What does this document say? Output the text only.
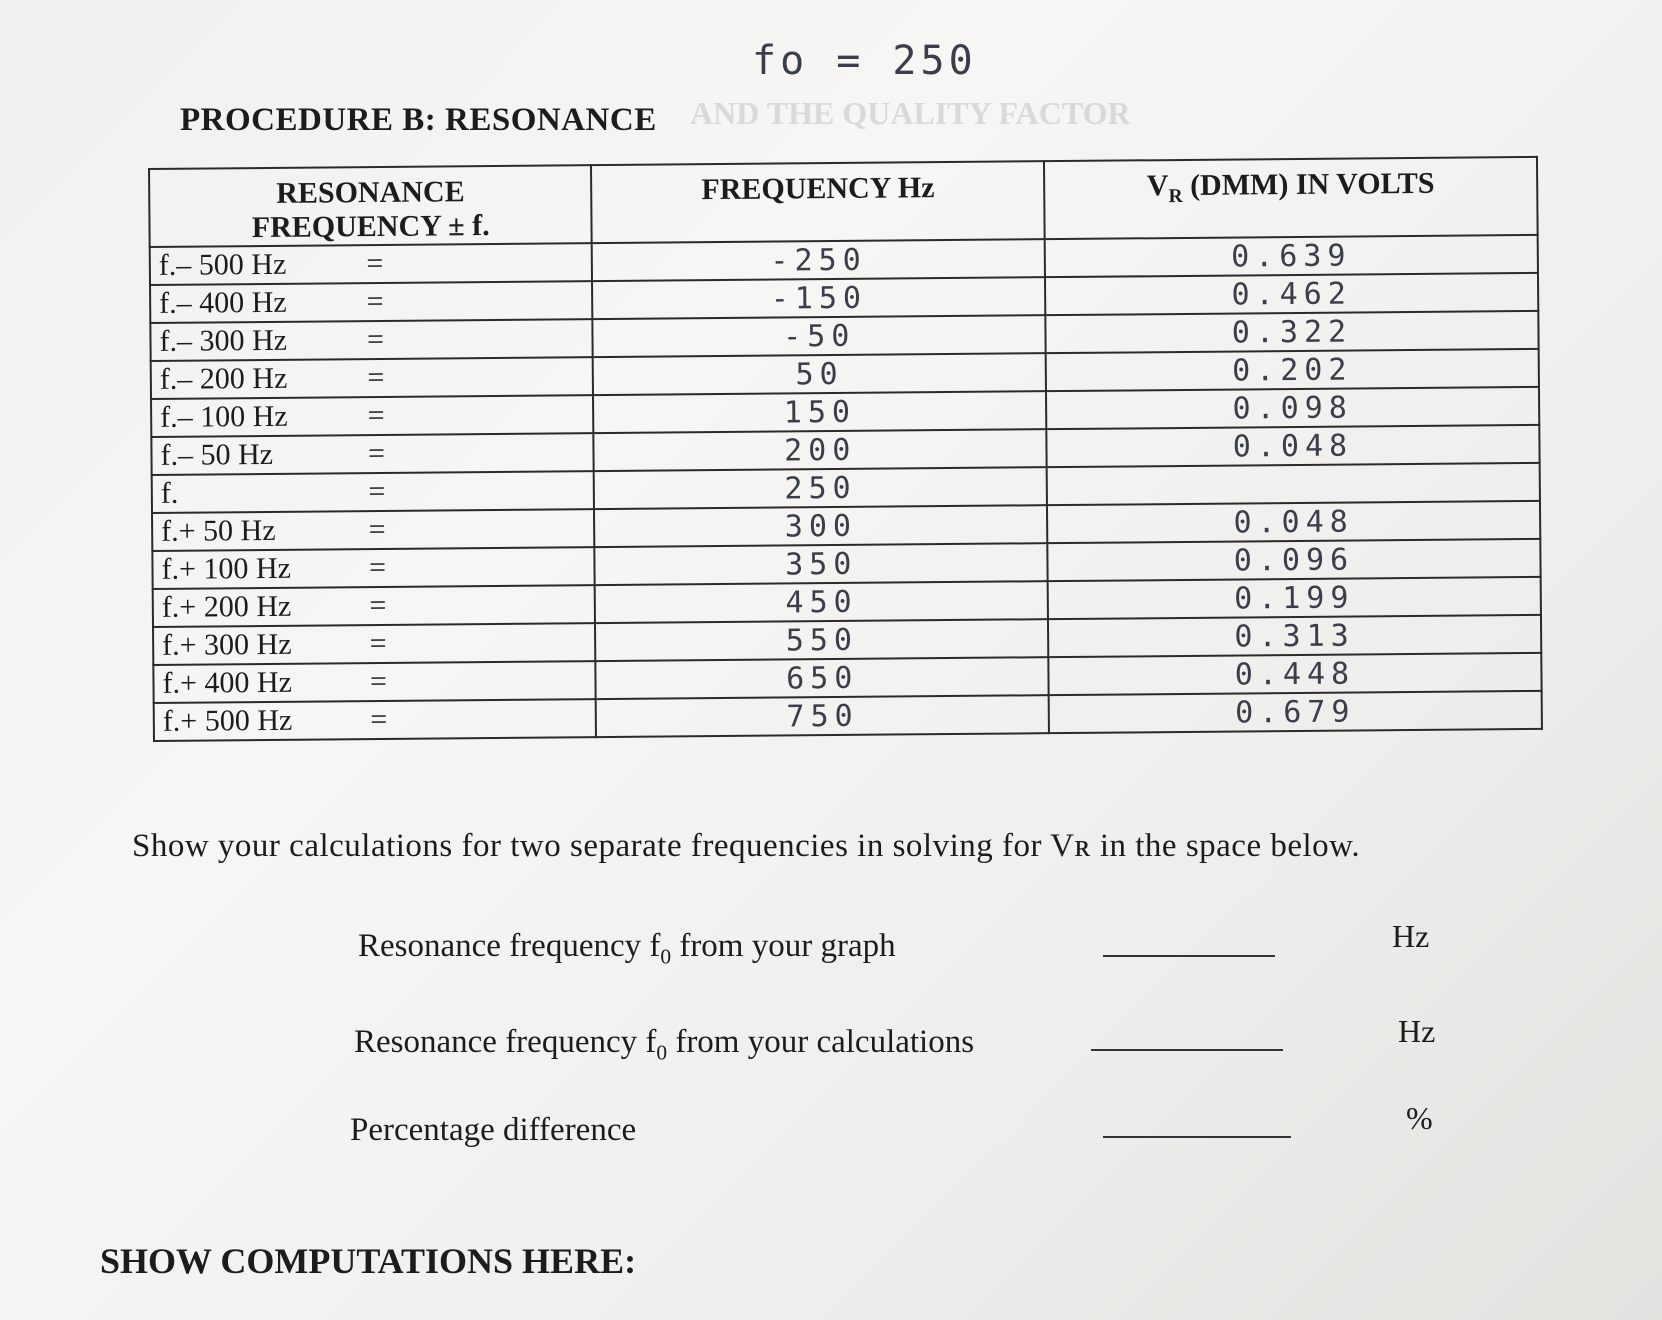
fo = 250
AND THE QUALITY FACTOR
PROCEDURE B: RESONANCE
RESONANCE
FREQUENCY ± f.	FREQUENCY Hz	$V_R$ (DMM) IN VOLTS

f.– 500 Hz =	-250	0.639

f.– 400 Hz =	-150	0.462

f.– 300 Hz =	-50	0.322

f.– 200 Hz =	50	0.202

f.– 100 Hz =	150	0.098

f.– 50 Hz =	200	0.048

f. =	250	

f.+ 50 Hz =	300	0.048

f.+ 100 Hz =	350	0.096

f.+ 200 Hz =	450	0.199

f.+ 300 Hz =	550	0.313

f.+ 400 Hz =	650	0.448

f.+ 500 Hz =	750	0.679
Show your calculations for two separate frequencies in solving for Vʀ in the space below.
Resonance frequency $f_0$ from your graph	Hz
Resonance frequency $f_0$ from your calculations	Hz
Percentage difference	%
SHOW COMPUTATIONS HERE:
